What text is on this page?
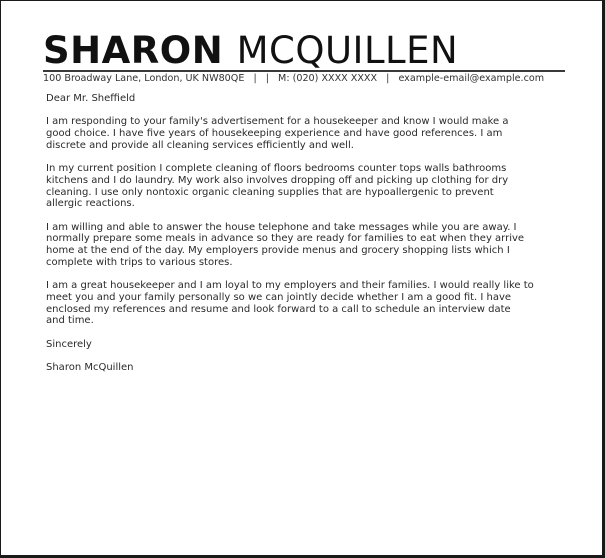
SHARON MCQUILLEN
100 Broadway Lane, London, UK NW80QE | | M: (020) XXXX XXXX | example-email@example.com

Dear Mr. Sheffield

I am responding to your family's advertisement for a housekeeper and know I would make a

good choice. I have five years of housekeeping experience and have good references. I am

discrete and provide all cleaning services efficiently and well.

In my current position I complete cleaning of floors bedrooms counter tops walls bathrooms

kitchens and I do laundry. My work also involves dropping off and picking up clothing for dry

cleaning. I use only nontoxic organic cleaning supplies that are hypoallergenic to prevent

allergic reactions.

I am willing and able to answer the house telephone and take messages while you are away. I

normally prepare some meals in advance so they are ready for families to eat when they arrive

home at the end of the day. My employers provide menus and grocery shopping lists which I

complete with trips to various stores.

I am a great housekeeper and I am loyal to my employers and their families. I would really like to

meet you and your family personally so we can jointly decide whether I am a good fit. I have

enclosed my references and resume and look forward to a call to schedule an interview date

and time.

Sincerely

Sharon McQuillen
